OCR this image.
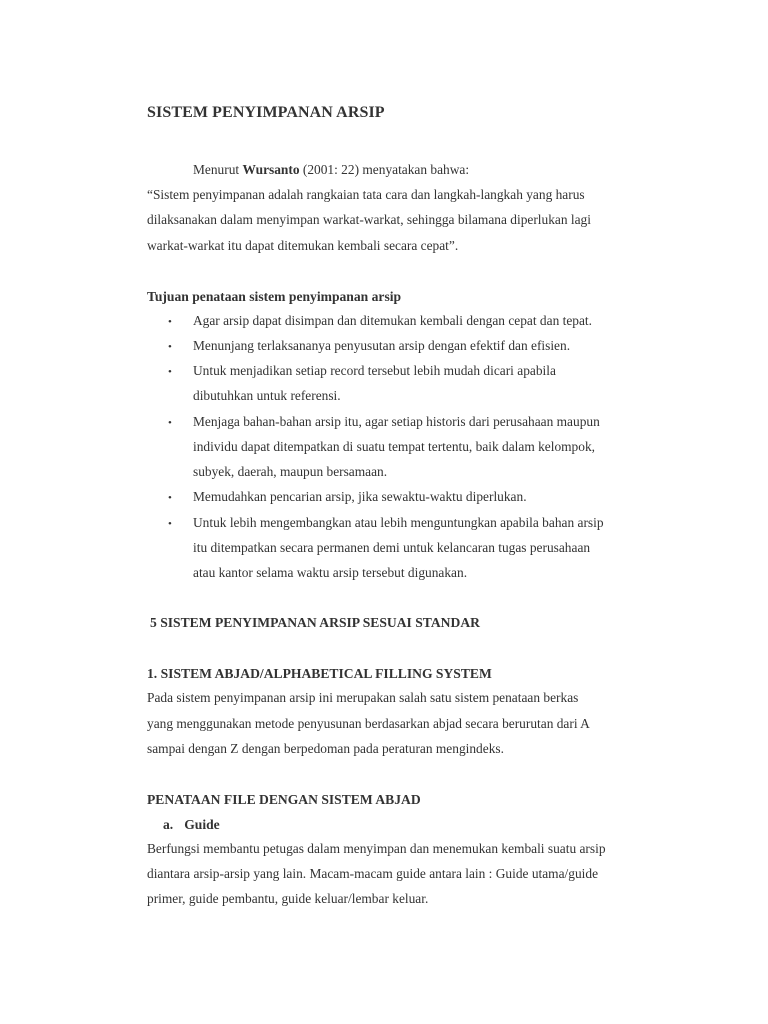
SISTEM PENYIMPANAN ARSIP

Menurut Wursanto (2001: 22) menyatakan bahwa:

“Sistem penyimpanan adalah rangkaian tata cara dan langkah-langkah yang harus

dilaksanakan dalam menyimpan warkat-warkat, sehingga bilamana diperlukan lagi

warkat-warkat itu dapat ditemukan kembali secara cepat”.

Tujuan penataan sistem penyimpanan arsip

• Agar arsip dapat disimpan dan ditemukan kembali dengan cepat dan tepat.

• Menunjang terlaksananya penyusutan arsip dengan efektif dan efisien.

• Untuk menjadikan setiap record tersebut lebih mudah dicari apabila

dibutuhkan untuk referensi.

• Menjaga bahan-bahan arsip itu, agar setiap historis dari perusahaan maupun

individu dapat ditempatkan di suatu tempat tertentu, baik dalam kelompok,

subyek, daerah, maupun bersamaan.

• Memudahkan pencarian arsip, jika sewaktu-waktu diperlukan.

• Untuk lebih mengembangkan atau lebih menguntungkan apabila bahan arsip

itu ditempatkan secara permanen demi untuk kelancaran tugas perusahaan

atau kantor selama waktu arsip tersebut digunakan.

5 SISTEM PENYIMPANAN ARSIP SESUAI STANDAR

1. SISTEM ABJAD/ALPHABETICAL FILLING SYSTEM

Pada sistem penyimpanan arsip ini merupakan salah satu sistem penataan berkas

yang menggunakan metode penyusunan berdasarkan abjad secara berurutan dari A

sampai dengan Z dengan berpedoman pada peraturan mengindeks.

PENATAAN FILE DENGAN SISTEM ABJAD

a. Guide

Berfungsi membantu petugas dalam menyimpan dan menemukan kembali suatu arsip

diantara arsip-arsip yang lain. Macam-macam guide antara lain : Guide utama/guide

primer, guide pembantu, guide keluar/lembar keluar.
